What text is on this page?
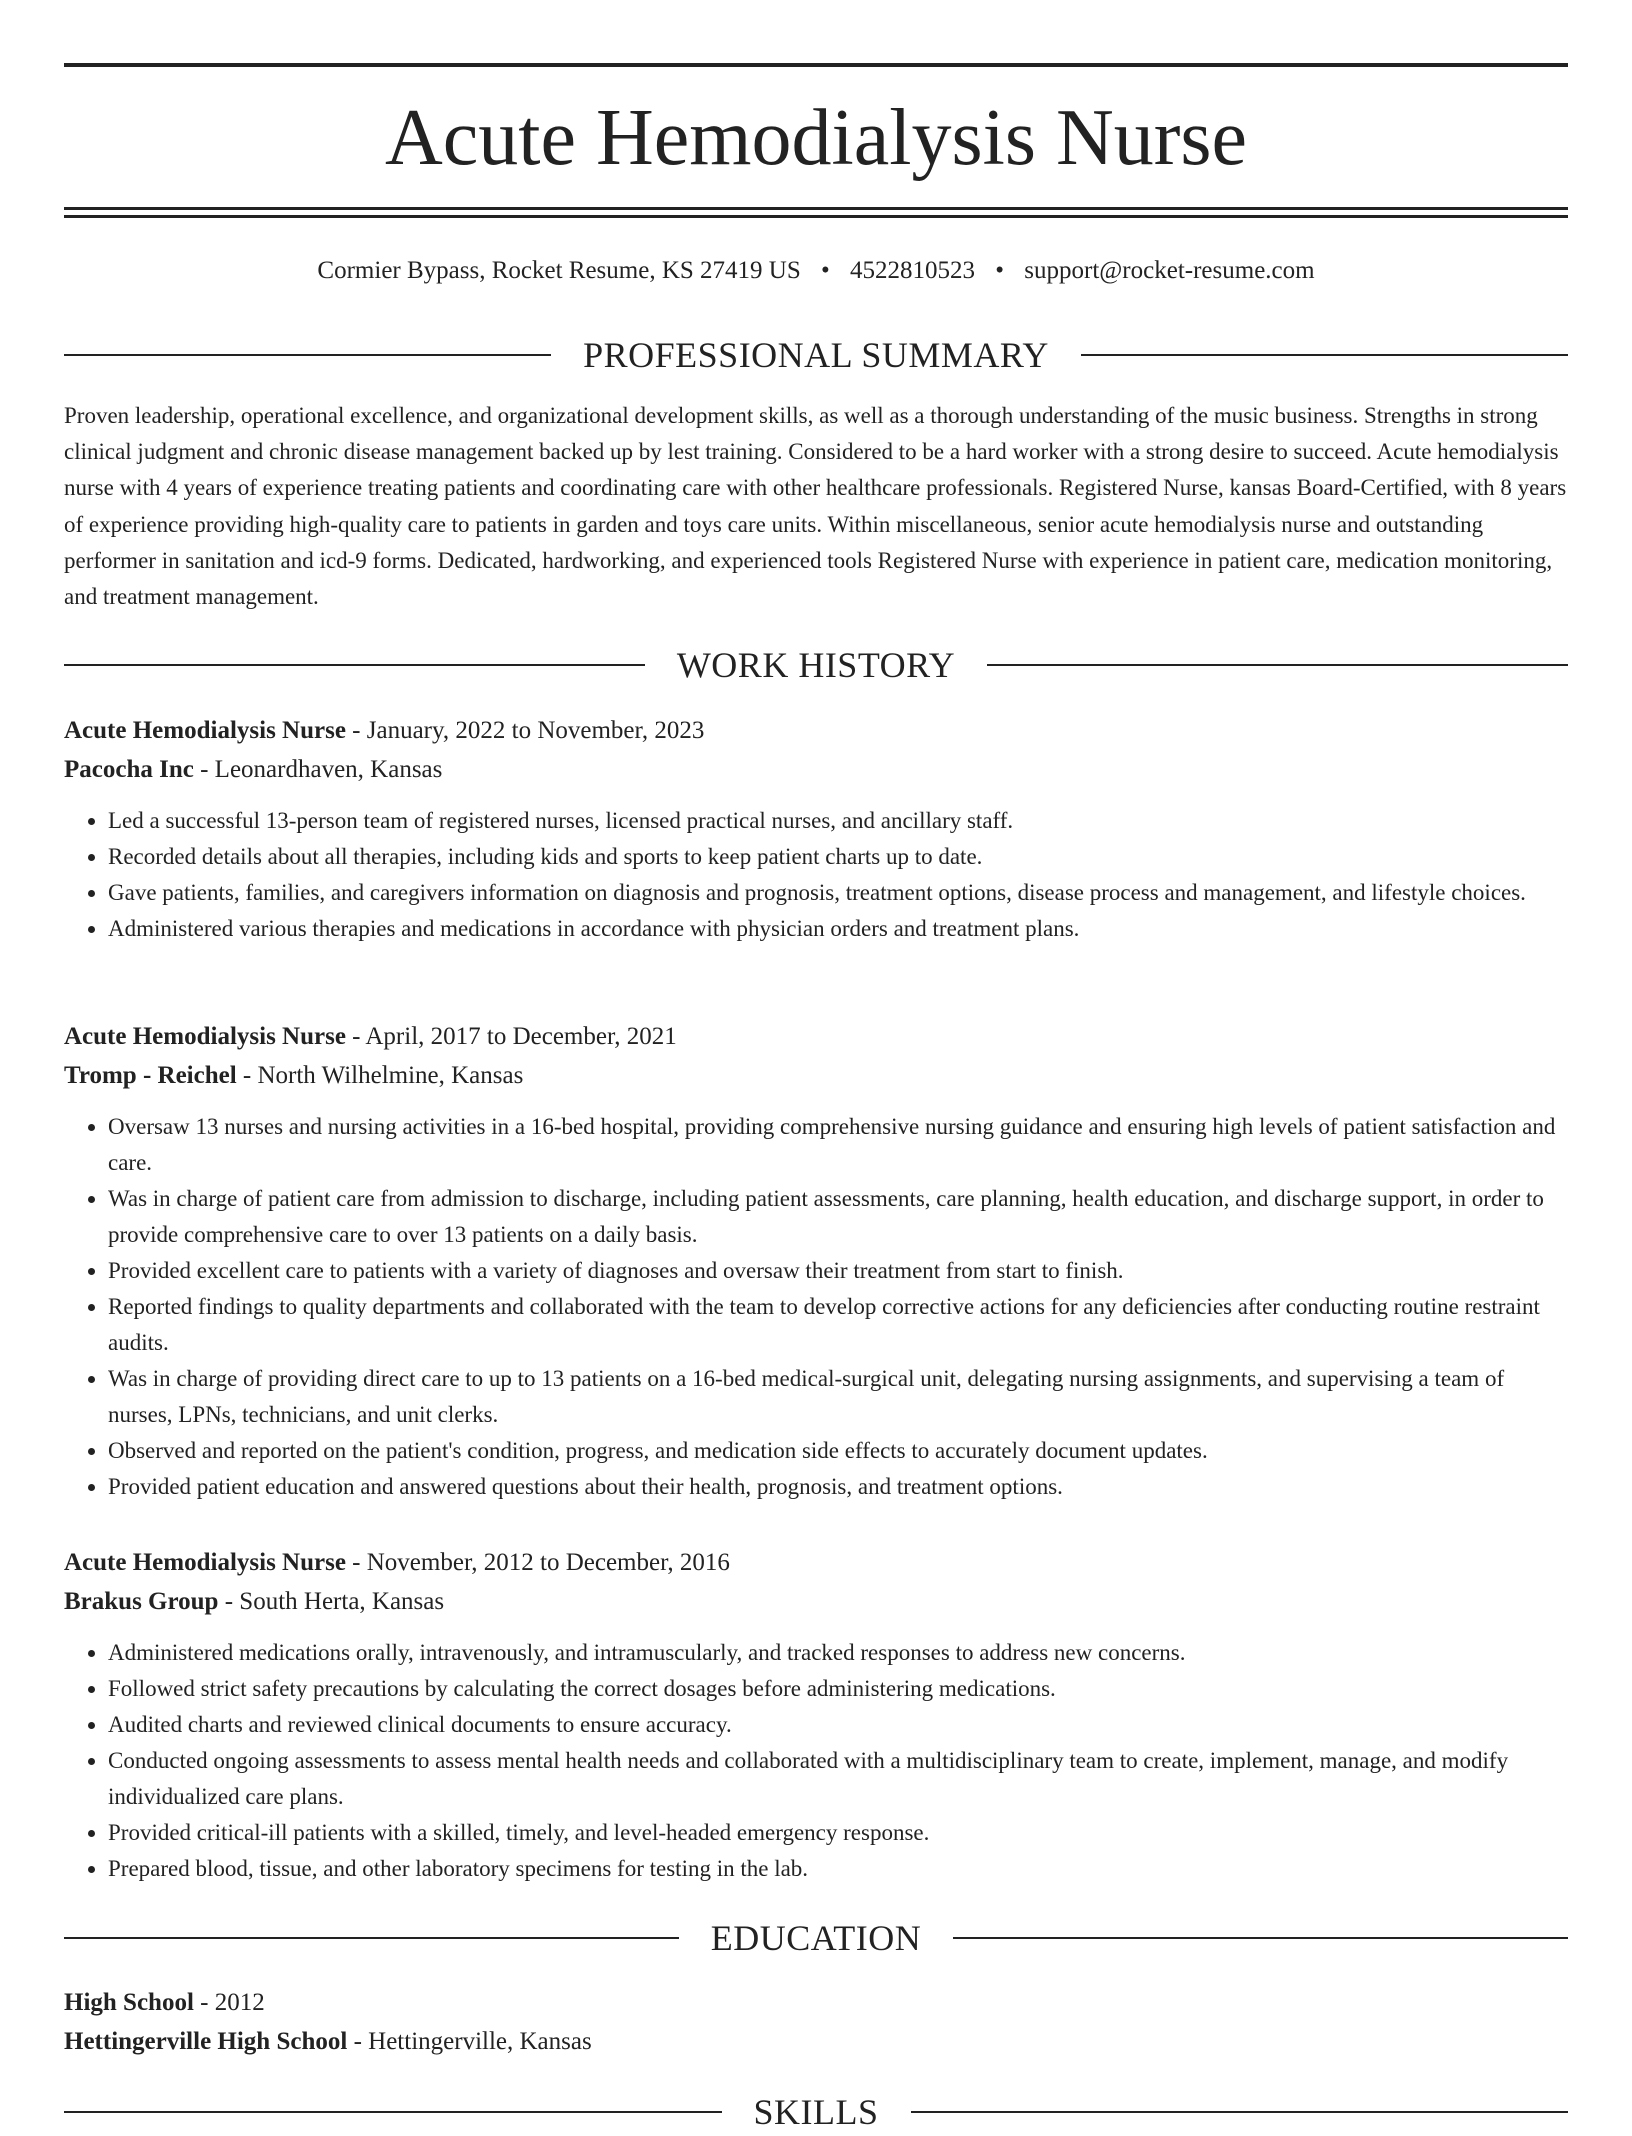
Acute Hemodialysis Nurse
Cormier Bypass, Rocket Resume, KS 27419 US • 4522810523 • support@rocket-resume.com
PROFESSIONAL SUMMARY

Proven leadership, operational excellence, and organizational development skills, as well as a thorough understanding of the music business. Strengths in strong clinical judgment and chronic disease management backed up by lest training. Considered to be a hard worker with a strong desire to succeed. Acute hemodialysis nurse with 4 years of experience treating patients and coordinating care with other healthcare professionals. Registered Nurse, kansas Board-Certified, with 8 years of experience providing high-quality care to patients in garden and toys care units. Within miscellaneous, senior acute hemodialysis nurse and outstanding performer in sanitation and icd-9 forms. Dedicated, hardworking, and experienced tools Registered Nurse with experience in patient care, medication monitoring, and treatment management.

WORK HISTORY

Acute Hemodialysis Nurse - January, 2022 to November, 2023

Pacocha Inc - Leonardhaven, Kansas

• Led a successful 13-person team of registered nurses, licensed practical nurses, and ancillary staff.
• Recorded details about all therapies, including kids and sports to keep patient charts up to date.
• Gave patients, families, and caregivers information on diagnosis and prognosis, treatment options, disease process and management, and lifestyle choices.
• Administered various therapies and medications in accordance with physician orders and treatment plans.

Acute Hemodialysis Nurse - April, 2017 to December, 2021

Tromp - Reichel - North Wilhelmine, Kansas

• Oversaw 13 nurses and nursing activities in a 16-bed hospital, providing comprehensive nursing guidance and ensuring high levels of patient satisfaction and care.
• Was in charge of patient care from admission to discharge, including patient assessments, care planning, health education, and discharge support, in order to provide comprehensive care to over 13 patients on a daily basis.
• Provided excellent care to patients with a variety of diagnoses and oversaw their treatment from start to finish.
• Reported findings to quality departments and collaborated with the team to develop corrective actions for any deficiencies after conducting routine restraint audits.
• Was in charge of providing direct care to up to 13 patients on a 16-bed medical-surgical unit, delegating nursing assignments, and supervising a team of nurses, LPNs, technicians, and unit clerks.
• Observed and reported on the patient's condition, progress, and medication side effects to accurately document updates.
• Provided patient education and answered questions about their health, prognosis, and treatment options.

Acute Hemodialysis Nurse - November, 2012 to December, 2016

Brakus Group - South Herta, Kansas

• Administered medications orally, intravenously, and intramuscularly, and tracked responses to address new concerns.
• Followed strict safety precautions by calculating the correct dosages before administering medications.
• Audited charts and reviewed clinical documents to ensure accuracy.
• Conducted ongoing assessments to assess mental health needs and collaborated with a multidisciplinary team to create, implement, manage, and modify individualized care plans.
• Provided critical-ill patients with a skilled, timely, and level-headed emergency response.
• Prepared blood, tissue, and other laboratory specimens for testing in the lab.
EDUCATION

High School - 2012

Hettingerville High School - Hettingerville, Kansas

SKILLS
